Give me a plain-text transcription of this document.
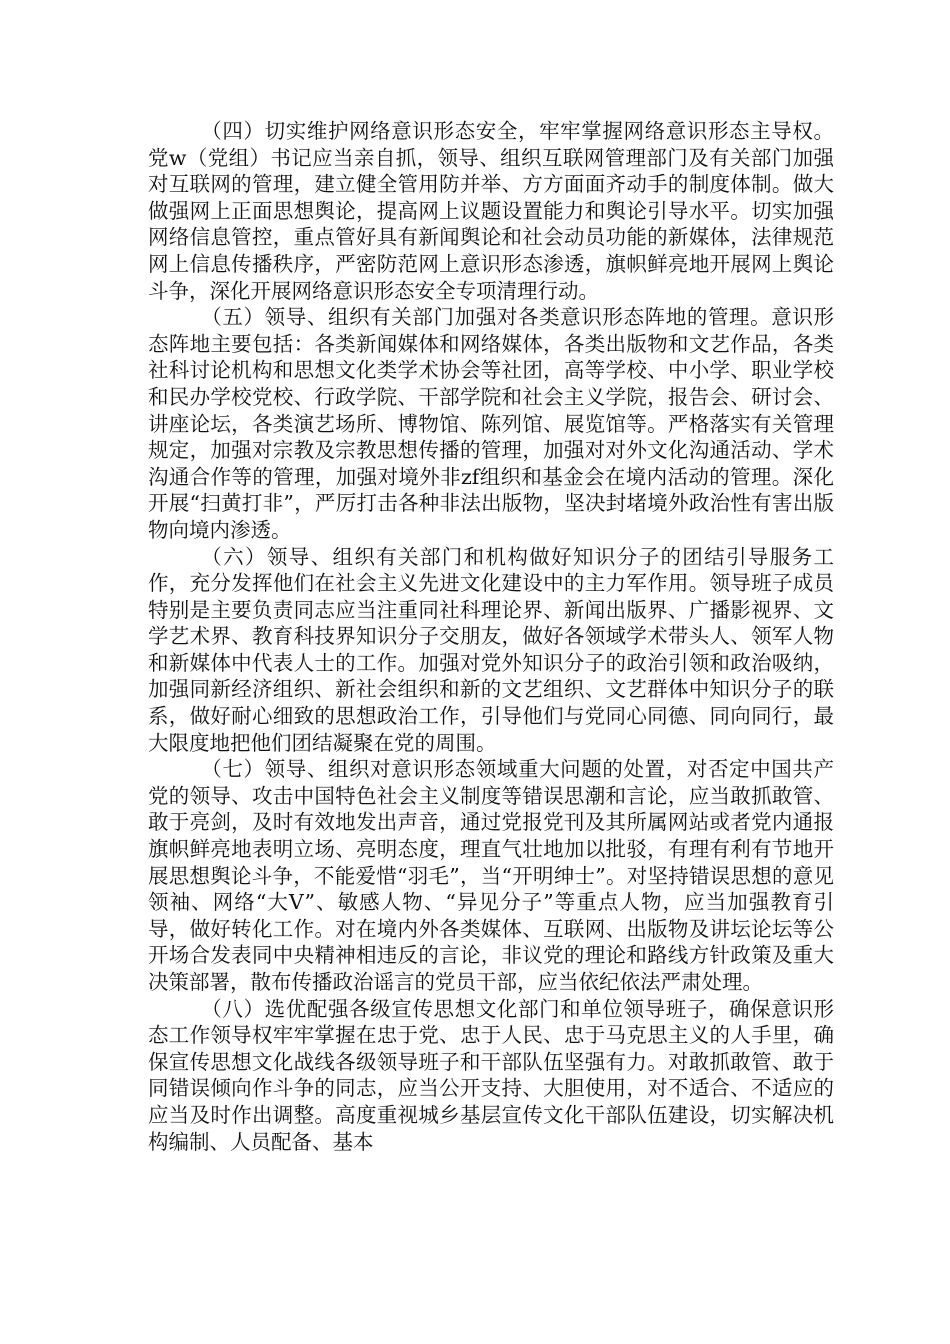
（四）切实维护网络意识形态安全，牢牢掌握网络意识形态主导权。党w（党组）书记应当亲自抓，领导、组织互联网管理部门及有关部门加强对互联网的管理，建立健全管用防并举、方方面面齐动手的制度体制。做大做强网上正面思想舆论，提高网上议题设置能力和舆论引导水平。切实加强网络信息管控，重点管好具有新闻舆论和社会动员功能的新媒体，法律规范网上信息传播秩序，严密防范网上意识形态渗透，旗帜鲜亮地开展网上舆论斗争，深化开展网络意识形态安全专项清理行动。

（五）领导、组织有关部门加强对各类意识形态阵地的管理。意识形态阵地主要包括：各类新闻媒体和网络媒体，各类出版物和文艺作品，各类社科讨论机构和思想文化类学术协会等社团，高等学校、中小学、职业学校和民办学校党校、行政学院、干部学院和社会主义学院，报告会、研讨会、讲座论坛，各类演艺场所、博物馆、陈列馆、展览馆等。严格落实有关管理规定，加强对宗教及宗教思想传播的管理，加强对对外文化沟通活动、学术沟通合作等的管理，加强对境外非zf组织和基金会在境内活动的管理。深化开展“扫黄打非”，严厉打击各种非法出版物，坚决封堵境外政治性有害出版物向境内渗透。

（六）领导、组织有关部门和机构做好知识分子的团结引导服务工作，充分发挥他们在社会主义先进文化建设中的主力军作用。领导班子成员特别是主要负责同志应当注重同社科理论界、新闻出版界、广播影视界、文学艺术界、教育科技界知识分子交朋友，做好各领域学术带头人、领军人物和新媒体中代表人士的工作。加强对党外知识分子的政治引领和政治吸纳，加强同新经济组织、新社会组织和新的文艺组织、文艺群体中知识分子的联系，做好耐心细致的思想政治工作，引导他们与党同心同德、同向同行，最大限度地把他们团结凝聚在党的周围。

（七）领导、组织对意识形态领域重大问题的处置，对否定中国共产党的领导、攻击中国特色社会主义制度等错误思潮和言论，应当敢抓敢管、敢于亮剑，及时有效地发出声音，通过党报党刊及其所属网站或者党内通报旗帜鲜亮地表明立场、亮明态度，理直气壮地加以批驳，有理有利有节地开展思想舆论斗争，不能爱惜“羽毛”，当“开明绅士”。对坚持错误思想的意见领袖、网络“大V”、敏感人物、“异见分子”等重点人物，应当加强教育引导，做好转化工作。对在境内外各类媒体、互联网、出版物及讲坛论坛等公开场合发表同中央精神相违反的言论，非议党的理论和路线方针政策及重大决策部署，散布传播政治谣言的党员干部，应当依纪依法严肃处理。

（八）选优配强各级宣传思想文化部门和单位领导班子，确保意识形态工作领导权牢牢掌握在忠于党、忠于人民、忠于马克思主义的人手里，确保宣传思想文化战线各级领导班子和干部队伍坚强有力。对敢抓敢管、敢于同错误倾向作斗争的同志，应当公开支持、大胆使用，对不适合、不适应的应当及时作出调整。高度重视城乡基层宣传文化干部队伍建设，切实解决机构编制、人员配备、基本
